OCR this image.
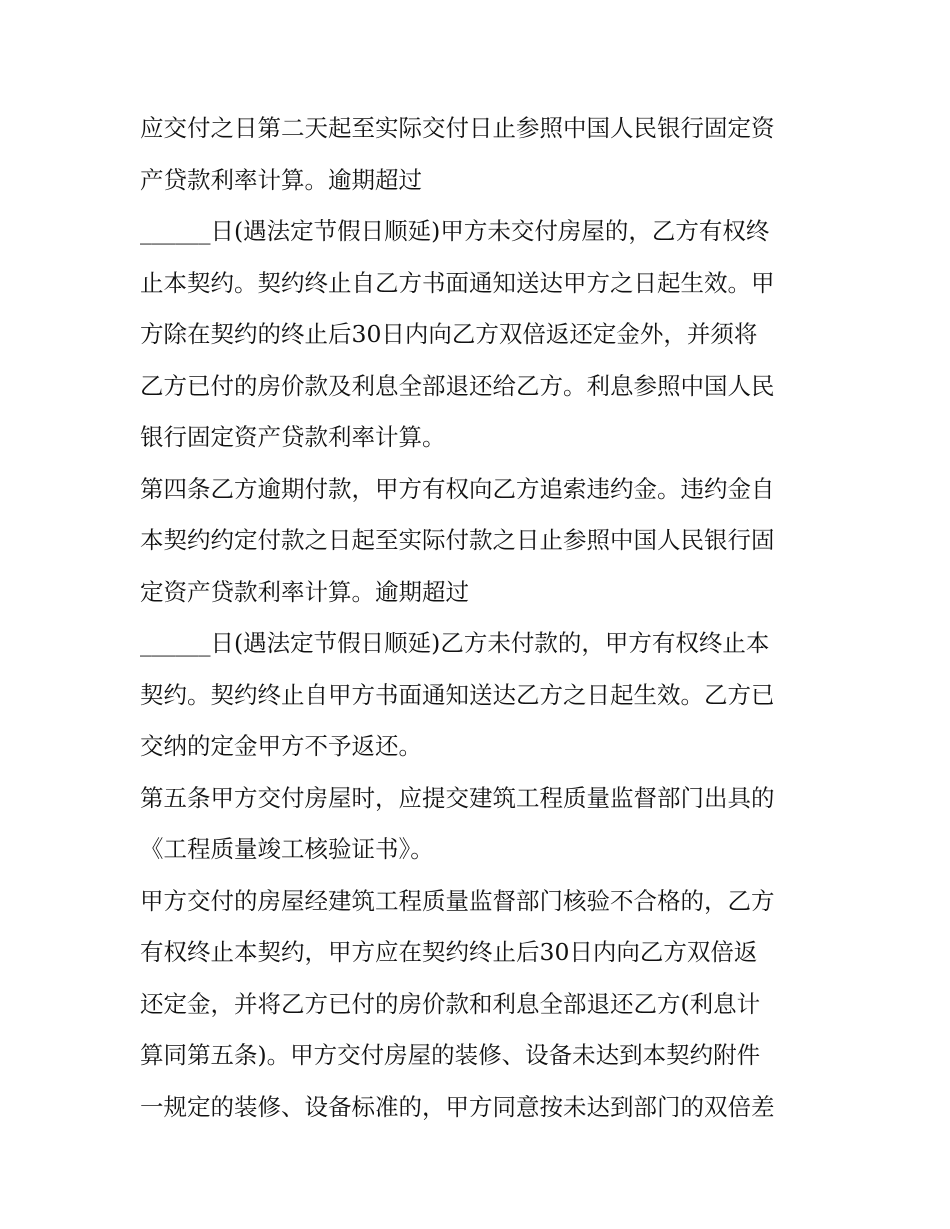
应交付之日第二天起至实际交付日止参照中国人民银行固定资
产贷款利率计算。逾期超过
______日(遇法定节假日顺延)甲方未交付房屋的，乙方有权终
止本契约。契约终止自乙方书面通知送达甲方之日起生效。甲
方除在契约的终止后30日内向乙方双倍返还定金外，并须将
乙方已付的房价款及利息全部退还给乙方。利息参照中国人民
银行固定资产贷款利率计算。
第四条乙方逾期付款，甲方有权向乙方追索违约金。违约金自
本契约约定付款之日起至实际付款之日止参照中国人民银行固
定资产贷款利率计算。逾期超过
______日(遇法定节假日顺延)乙方未付款的，甲方有权终止本
契约。契约终止自甲方书面通知送达乙方之日起生效。乙方已
交纳的定金甲方不予返还。
第五条甲方交付房屋时，应提交建筑工程质量监督部门出具的
《工程质量竣工核验证书》。
甲方交付的房屋经建筑工程质量监督部门核验不合格的，乙方
有权终止本契约，甲方应在契约终止后30日内向乙方双倍返
还定金，并将乙方已付的房价款和利息全部退还乙方(利息计
算同第五条)。甲方交付房屋的装修、设备未达到本契约附件
一规定的装修、设备标准的，甲方同意按未达到部门的双倍差
